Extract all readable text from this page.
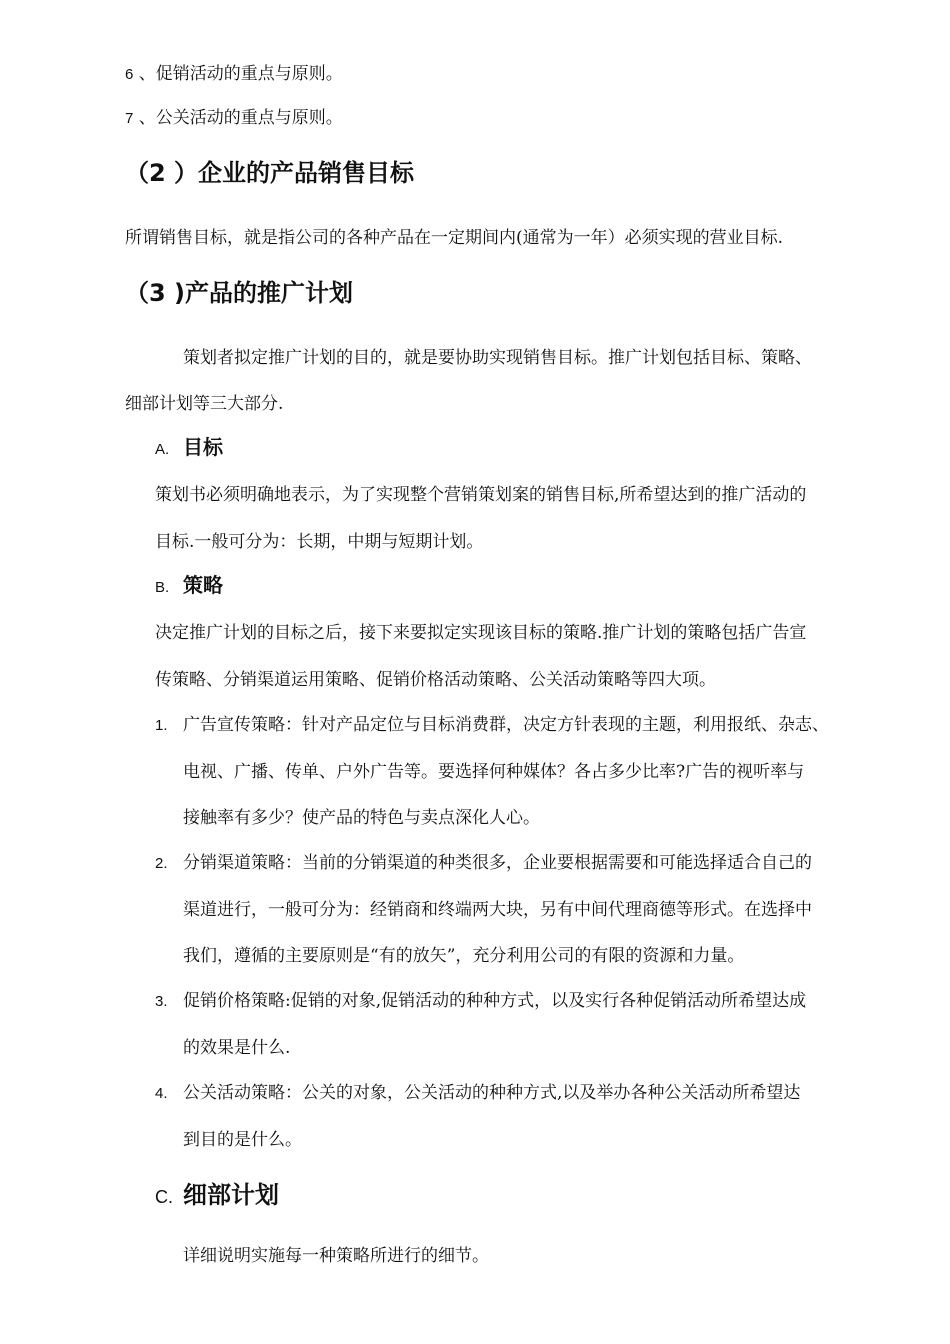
6 、促销活动的重点与原则。
7 、公关活动的重点与原则。
（2 ）企业的产品销售目标
所谓销售目标，就是指公司的各种产品在一定期间内(通常为一年）必须实现的营业目标.
（3 )产品的推广计划
策划者拟定推广计划的目的，就是要协助实现销售目标。推广计划包括目标、策略、
细部计划等三大部分.
A. 目标
策划书必须明确地表示，为了实现整个营销策划案的销售目标,所希望达到的推广活动的
目标.一般可分为：长期，中期与短期计划。
B. 策略
决定推广计划的目标之后，接下来要拟定实现该目标的策略.推广计划的策略包括广告宣
传策略、分销渠道运用策略、促销价格活动策略、公关活动策略等四大项。
1. 广告宣传策略：针对产品定位与目标消费群，决定方针表现的主题，利用报纸、杂志、
电视、广播、传单、户外广告等。要选择何种媒体？各占多少比率?广告的视听率与
接触率有多少？使产品的特色与卖点深化人心。
2. 分销渠道策略：当前的分销渠道的种类很多，企业要根据需要和可能选择适合自己的
渠道进行，一般可分为：经销商和终端两大块，另有中间代理商德等形式。在选择中
我们，遵循的主要原则是“有的放矢”，充分利用公司的有限的资源和力量。
3. 促销价格策略:促销的对象,促销活动的种种方式，以及实行各种促销活动所希望达成
的效果是什么.
4. 公关活动策略：公关的对象，公关活动的种种方式,以及举办各种公关活动所希望达
到目的是什么。
C. 细部计划
详细说明实施每一种策略所进行的细节。
